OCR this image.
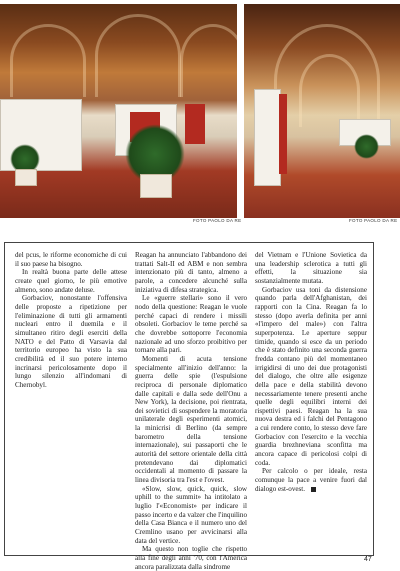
FOTO PAOLO DA RE	FOTO PAOLO DA RE

del pcus, le riforme economiche di cui il suo paese ha bisogno.

In realtà buona parte delle attese create quel giorno, le più emotive almeno, sono andate deluse.

Gorbaciov, nonostante l'offensiva delle proposte a ripetizione per l'eliminazione di tutti gli armamenti nucleari entro il duemila e il simultaneo ritiro degli eserciti della NATO e del Patto di Varsavia dal territorio europeo ha visto la sua credibilità ed il suo potere interno incrinarsi pericolosamente dopo il lungo silenzio all'indomani di Chernobyl.

Reagan ha annunciato l'abbandono dei trattati Salt-II ed ABM e non sembra intenzionato più di tanto, almeno a parole, a concedere alcunché sulla iniziativa di difesa strategica.

Le «guerre stellari» sono il vero nodo della questione: Reagan le vuole perché capaci di rendere i missili obsoleti. Gorbaciov le teme perché sa che dovrebbe sottoporre l'economia nazionale ad uno sforzo proibitivo per tornare alla pari.

Momenti di acuta tensione specialmente all'inizio dell'anno: la guerra delle spie (l'espulsione reciproca di personale diplomatico dalle capitali e dalla sede dell'Onu a New York), la decisione, poi rientrata, dei sovietici di sospendere la moratoria unilaterale degli esperimenti atomici, la minicrisi di Berlino (da sempre barometro della tensione internazionale), sui passaporti che le autorità del settore orientale della città pretendevano dai diplomatici occidentali al momento di passare la linea divisoria tra l'est e l'ovest.

«Slow, slow, quick, quick, slow uphill to the summit» ha intitolato a luglio l'«Economist» per indicare il passo incerto e da valzer che l'inquilino della Casa Bianca e il numero uno del Cremlino usano per avvicinarsi alla data del vertice.

Ma questo non toglie che rispetto alla fine degli anni '70, con l'America ancora paralizzata dalla sindrome

del Vietnam e l'Unione Sovietica da una leadership sclerotica a tutti gli effetti, la situazione sia sostanzialmente mutata.

Gorbaciov usa toni da distensione quando parla dell'Afghanistan, dei rapporti con la Cina. Reagan fa lo stesso (dopo averla definita per anni «l'impero del male») con l'altra superpotenza. Le aperture seppur timide, quando si esce da un periodo che è stato definito una seconda guerra fredda contano più del momentaneo irrigidirsi di uno dei due protagonisti del dialogo, che oltre alle esigenze della pace e della stabilità devono necessariamente tenere presenti anche quelle degli equilibri interni dei rispettivi paesi. Reagan ha la sua nuova destra ed i falchi del Pentagono a cui rendere conto, lo stesso deve fare Gorbaciov con l'esercito e la vecchia guardia brezhneviana sconfitta ma ancora capace di pericolosi colpi di coda.

Per calcolo o per ideale, resta comunque la pace a venire fuori dal dialogo est-ovest.

47
